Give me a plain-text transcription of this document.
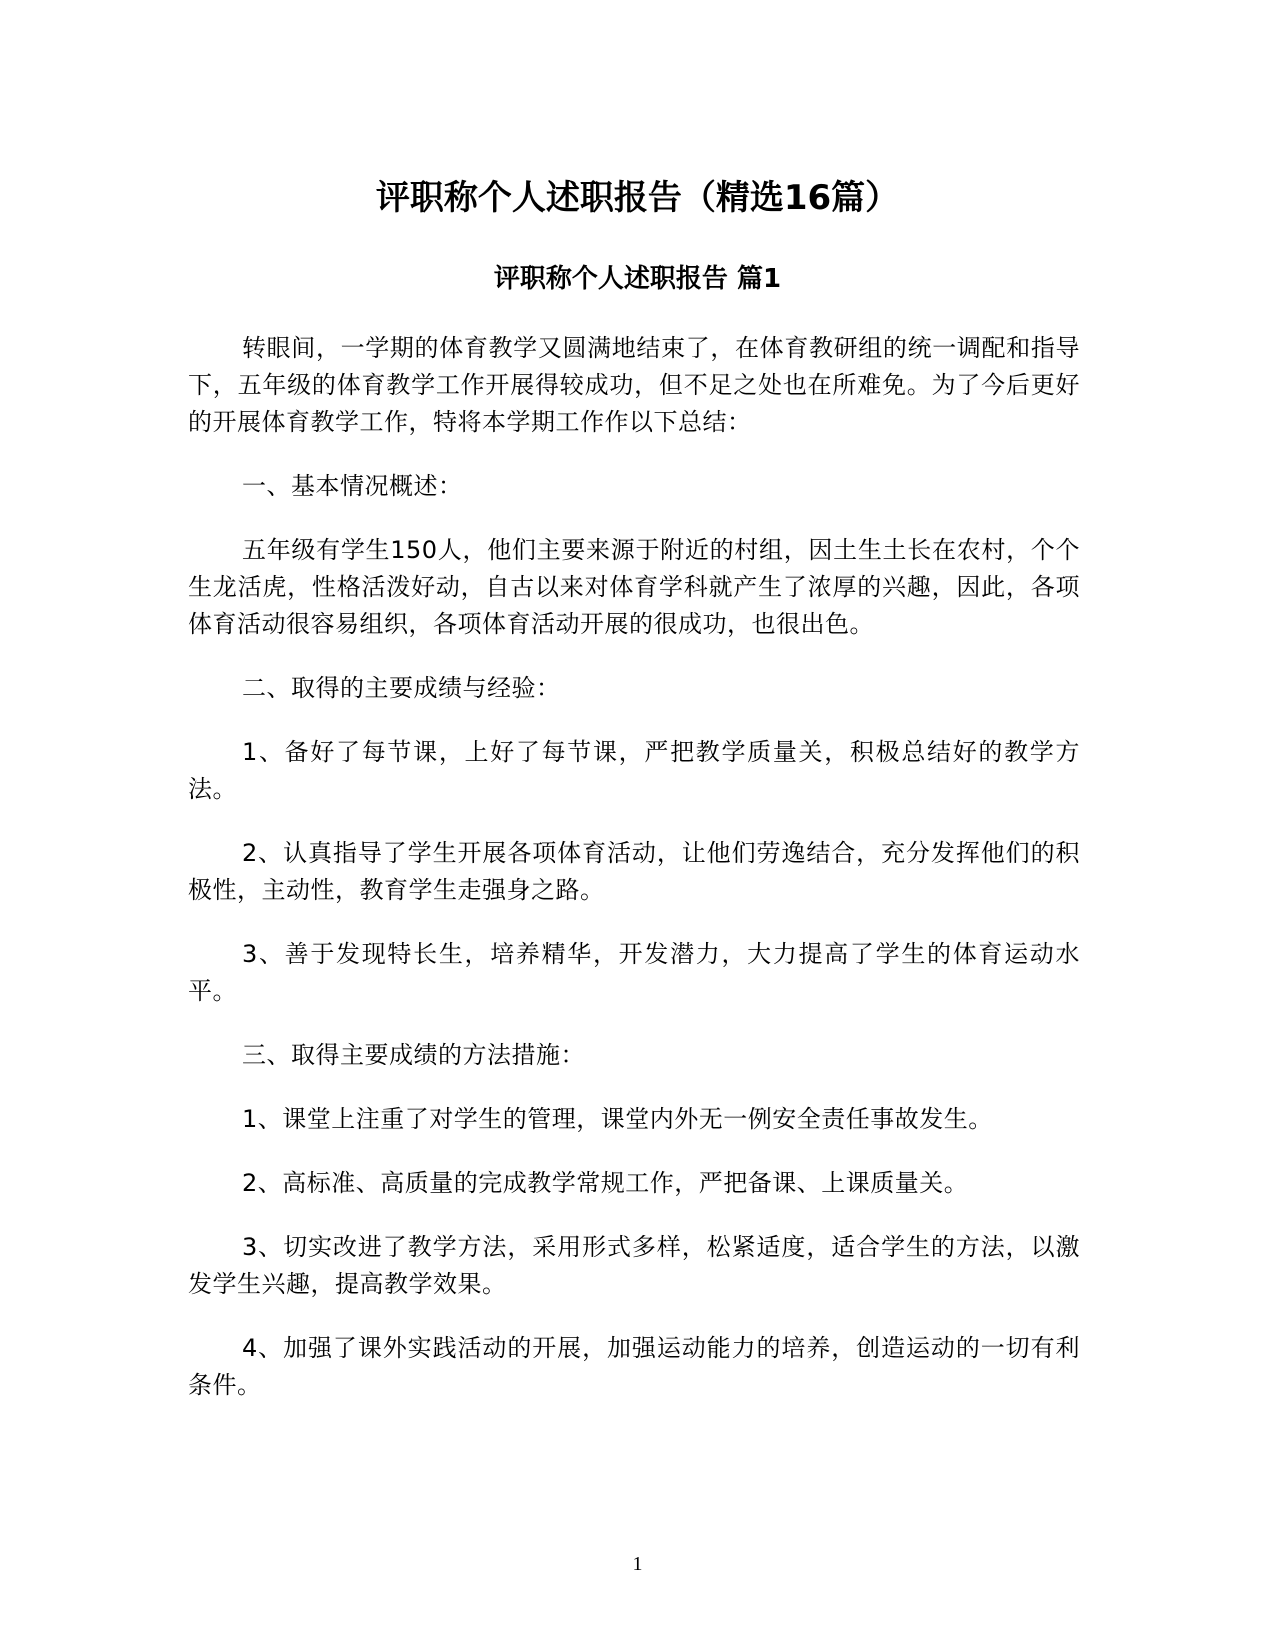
评职称个人述职报告（精选16篇）
评职称个人述职报告 篇1

转眼间，一学期的体育教学又圆满地结束了，在体育教研组的统一调配和指导下，五年级的体育教学工作开展得较成功，但不足之处也在所难免。为了今后更好的开展体育教学工作，特将本学期工作作以下总结：

一、基本情况概述：

五年级有学生150人，他们主要来源于附近的村组，因土生土长在农村，个个生龙活虎，性格活泼好动，自古以来对体育学科就产生了浓厚的兴趣，因此，各项体育活动很容易组织，各项体育活动开展的很成功，也很出色。

二、取得的主要成绩与经验：

1、备好了每节课，上好了每节课，严把教学质量关，积极总结好的教学方法。

2、认真指导了学生开展各项体育活动，让他们劳逸结合，充分发挥他们的积极性，主动性，教育学生走强身之路。

3、善于发现特长生，培养精华，开发潜力，大力提高了学生的体育运动水平。

三、取得主要成绩的方法措施：

1、课堂上注重了对学生的管理，课堂内外无一例安全责任事故发生。

2、高标准、高质量的完成教学常规工作，严把备课、上课质量关。

3、切实改进了教学方法，采用形式多样，松紧适度，适合学生的方法，以激发学生兴趣，提高教学效果。

4、加强了课外实践活动的开展，加强运动能力的培养，创造运动的一切有利条件。

1
